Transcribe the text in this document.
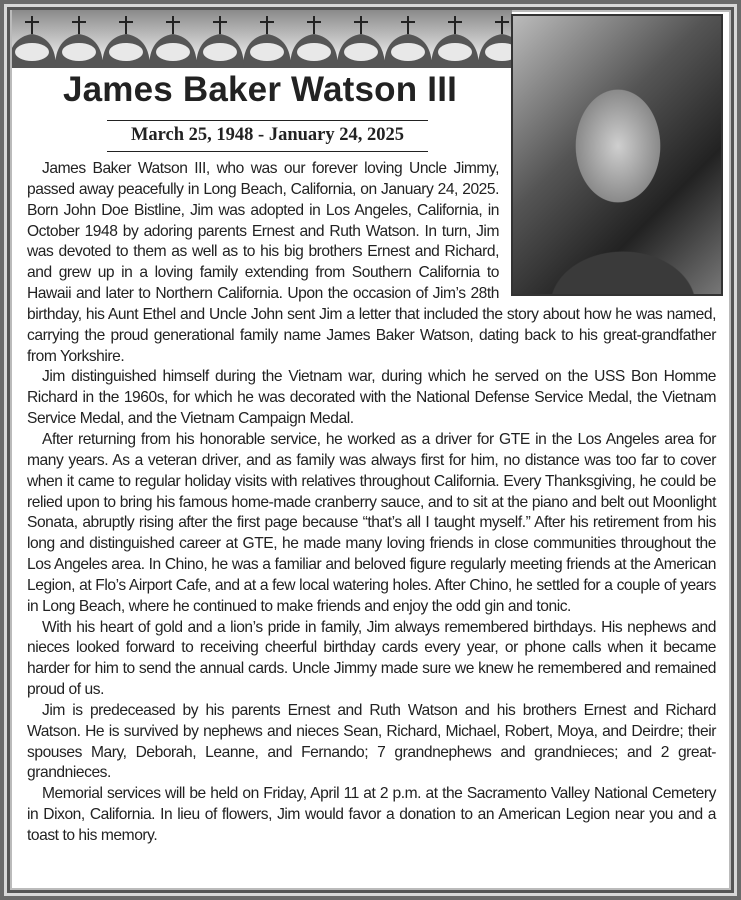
James Baker Watson III
March 25, 1948 - January 24, 2025

James Baker Watson III, who was our forever loving Uncle Jimmy, passed away peacefully in Long Beach, California, on January 24, 2025. Born John Doe Bistline, Jim was adopted in Los Angeles, California, in October 1948 by adoring parents Ernest and Ruth Watson. In turn, Jim was devoted to them as well as to his big brothers Ernest and Richard, and grew up in a loving family extending from Southern California to Hawaii and later to Northern California. Upon the occasion of Jim’s 28th birthday, his Aunt Ethel and Uncle John sent Jim a letter that included the story about how he was named, carrying the proud generational family name James Baker Watson, dating back to his great-grandfather from Yorkshire.

Jim distinguished himself during the Vietnam war, during which he served on the USS Bon Homme Richard in the 1960s, for which he was decorated with the National Defense Service Medal, the Vietnam Service Medal, and the Vietnam Campaign Medal.

After returning from his honorable service, he worked as a driver for GTE in the Los Angeles area for many years. As a veteran driver, and as family was always first for him, no distance was too far to cover when it came to regular holiday visits with relatives throughout California. Every Thanksgiving, he could be relied upon to bring his famous home-made cranberry sauce, and to sit at the piano and belt out Moonlight Sonata, abruptly rising after the first page because “that’s all I taught myself.” After his retirement from his long and distinguished career at GTE, he made many loving friends in close communities throughout the Los Angeles area. In Chino, he was a familiar and beloved figure regularly meeting friends at the American Legion, at Flo’s Airport Cafe, and at a few local watering holes. After Chino, he settled for a couple of years in Long Beach, where he continued to make friends and enjoy the odd gin and tonic.

With his heart of gold and a lion’s pride in family, Jim always remembered birthdays. His nephews and nieces looked forward to receiving cheerful birthday cards every year, or phone calls when it became harder for him to send the annual cards. Uncle Jimmy made sure we knew he remembered and remained proud of us.

Jim is predeceased by his parents Ernest and Ruth Watson and his brothers Ernest and Richard Watson. He is survived by nephews and nieces Sean, Richard, Michael, Robert, Moya, and Deirdre; their spouses Mary, Deborah, Leanne, and Fernando; 7 grandnephews and grandnieces; and 2 great-grandnieces.

Memorial services will be held on Friday, April 11 at 2 p.m. at the Sacramento Valley National Cemetery in Dixon, California. In lieu of flowers, Jim would favor a donation to an American Legion near you and a toast to his memory.
